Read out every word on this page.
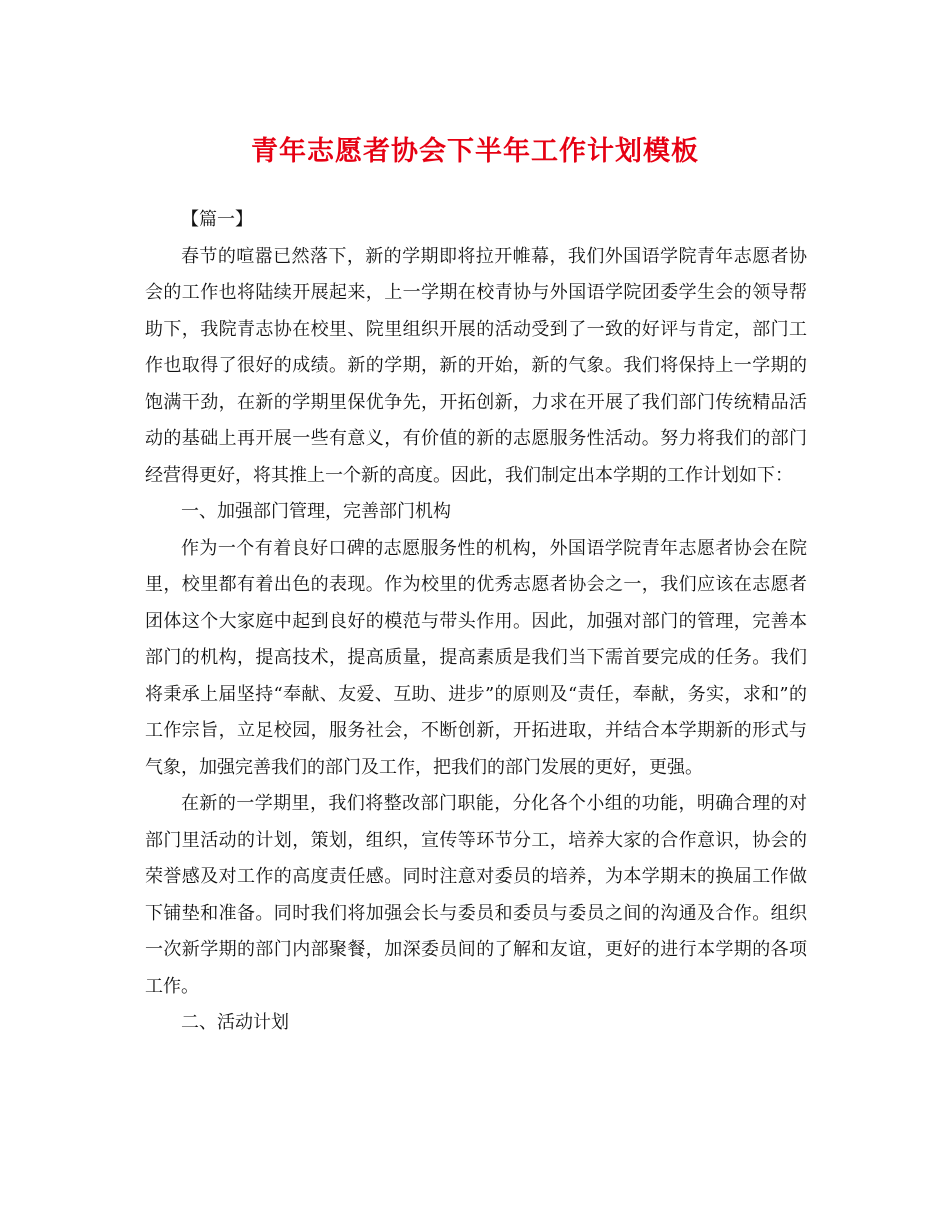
青年志愿者协会下半年工作计划模板

【篇一】

春节的喧嚣已然落下，新的学期即将拉开帷幕，我们外国语学院青年志愿者协会的工作也将陆续开展起来，上一学期在校青协与外国语学院团委学生会的领导帮助下，我院青志协在校里、院里组织开展的活动受到了一致的好评与肯定，部门工作也取得了很好的成绩。新的学期，新的开始，新的气象。我们将保持上一学期的饱满干劲，在新的学期里保优争先，开拓创新，力求在开展了我们部门传统精品活动的基础上再开展一些有意义，有价值的新的志愿服务性活动。努力将我们的部门经营得更好，将其推上一个新的高度。因此，我们制定出本学期的工作计划如下：

一、加强部门管理，完善部门机构

作为一个有着良好口碑的志愿服务性的机构，外国语学院青年志愿者协会在院里，校里都有着出色的表现。作为校里的优秀志愿者协会之一，我们应该在志愿者团体这个大家庭中起到良好的模范与带头作用。因此，加强对部门的管理，完善本部门的机构，提高技术，提高质量，提高素质是我们当下需首要完成的任务。我们将秉承上届坚持“奉献、友爱、互助、进步”的原则及“责任，奉献，务实，求和”的工作宗旨，立足校园，服务社会，不断创新，开拓进取，并结合本学期新的形式与气象，加强完善我们的部门及工作，把我们的部门发展的更好，更强。

在新的一学期里，我们将整改部门职能，分化各个小组的功能，明确合理的对部门里活动的计划，策划，组织，宣传等环节分工，培养大家的合作意识，协会的荣誉感及对工作的高度责任感。同时注意对委员的培养，为本学期末的换届工作做下铺垫和准备。同时我们将加强会长与委员和委员与委员之间的沟通及合作。组织一次新学期的部门内部聚餐，加深委员间的了解和友谊，更好的进行本学期的各项工作。

二、活动计划
